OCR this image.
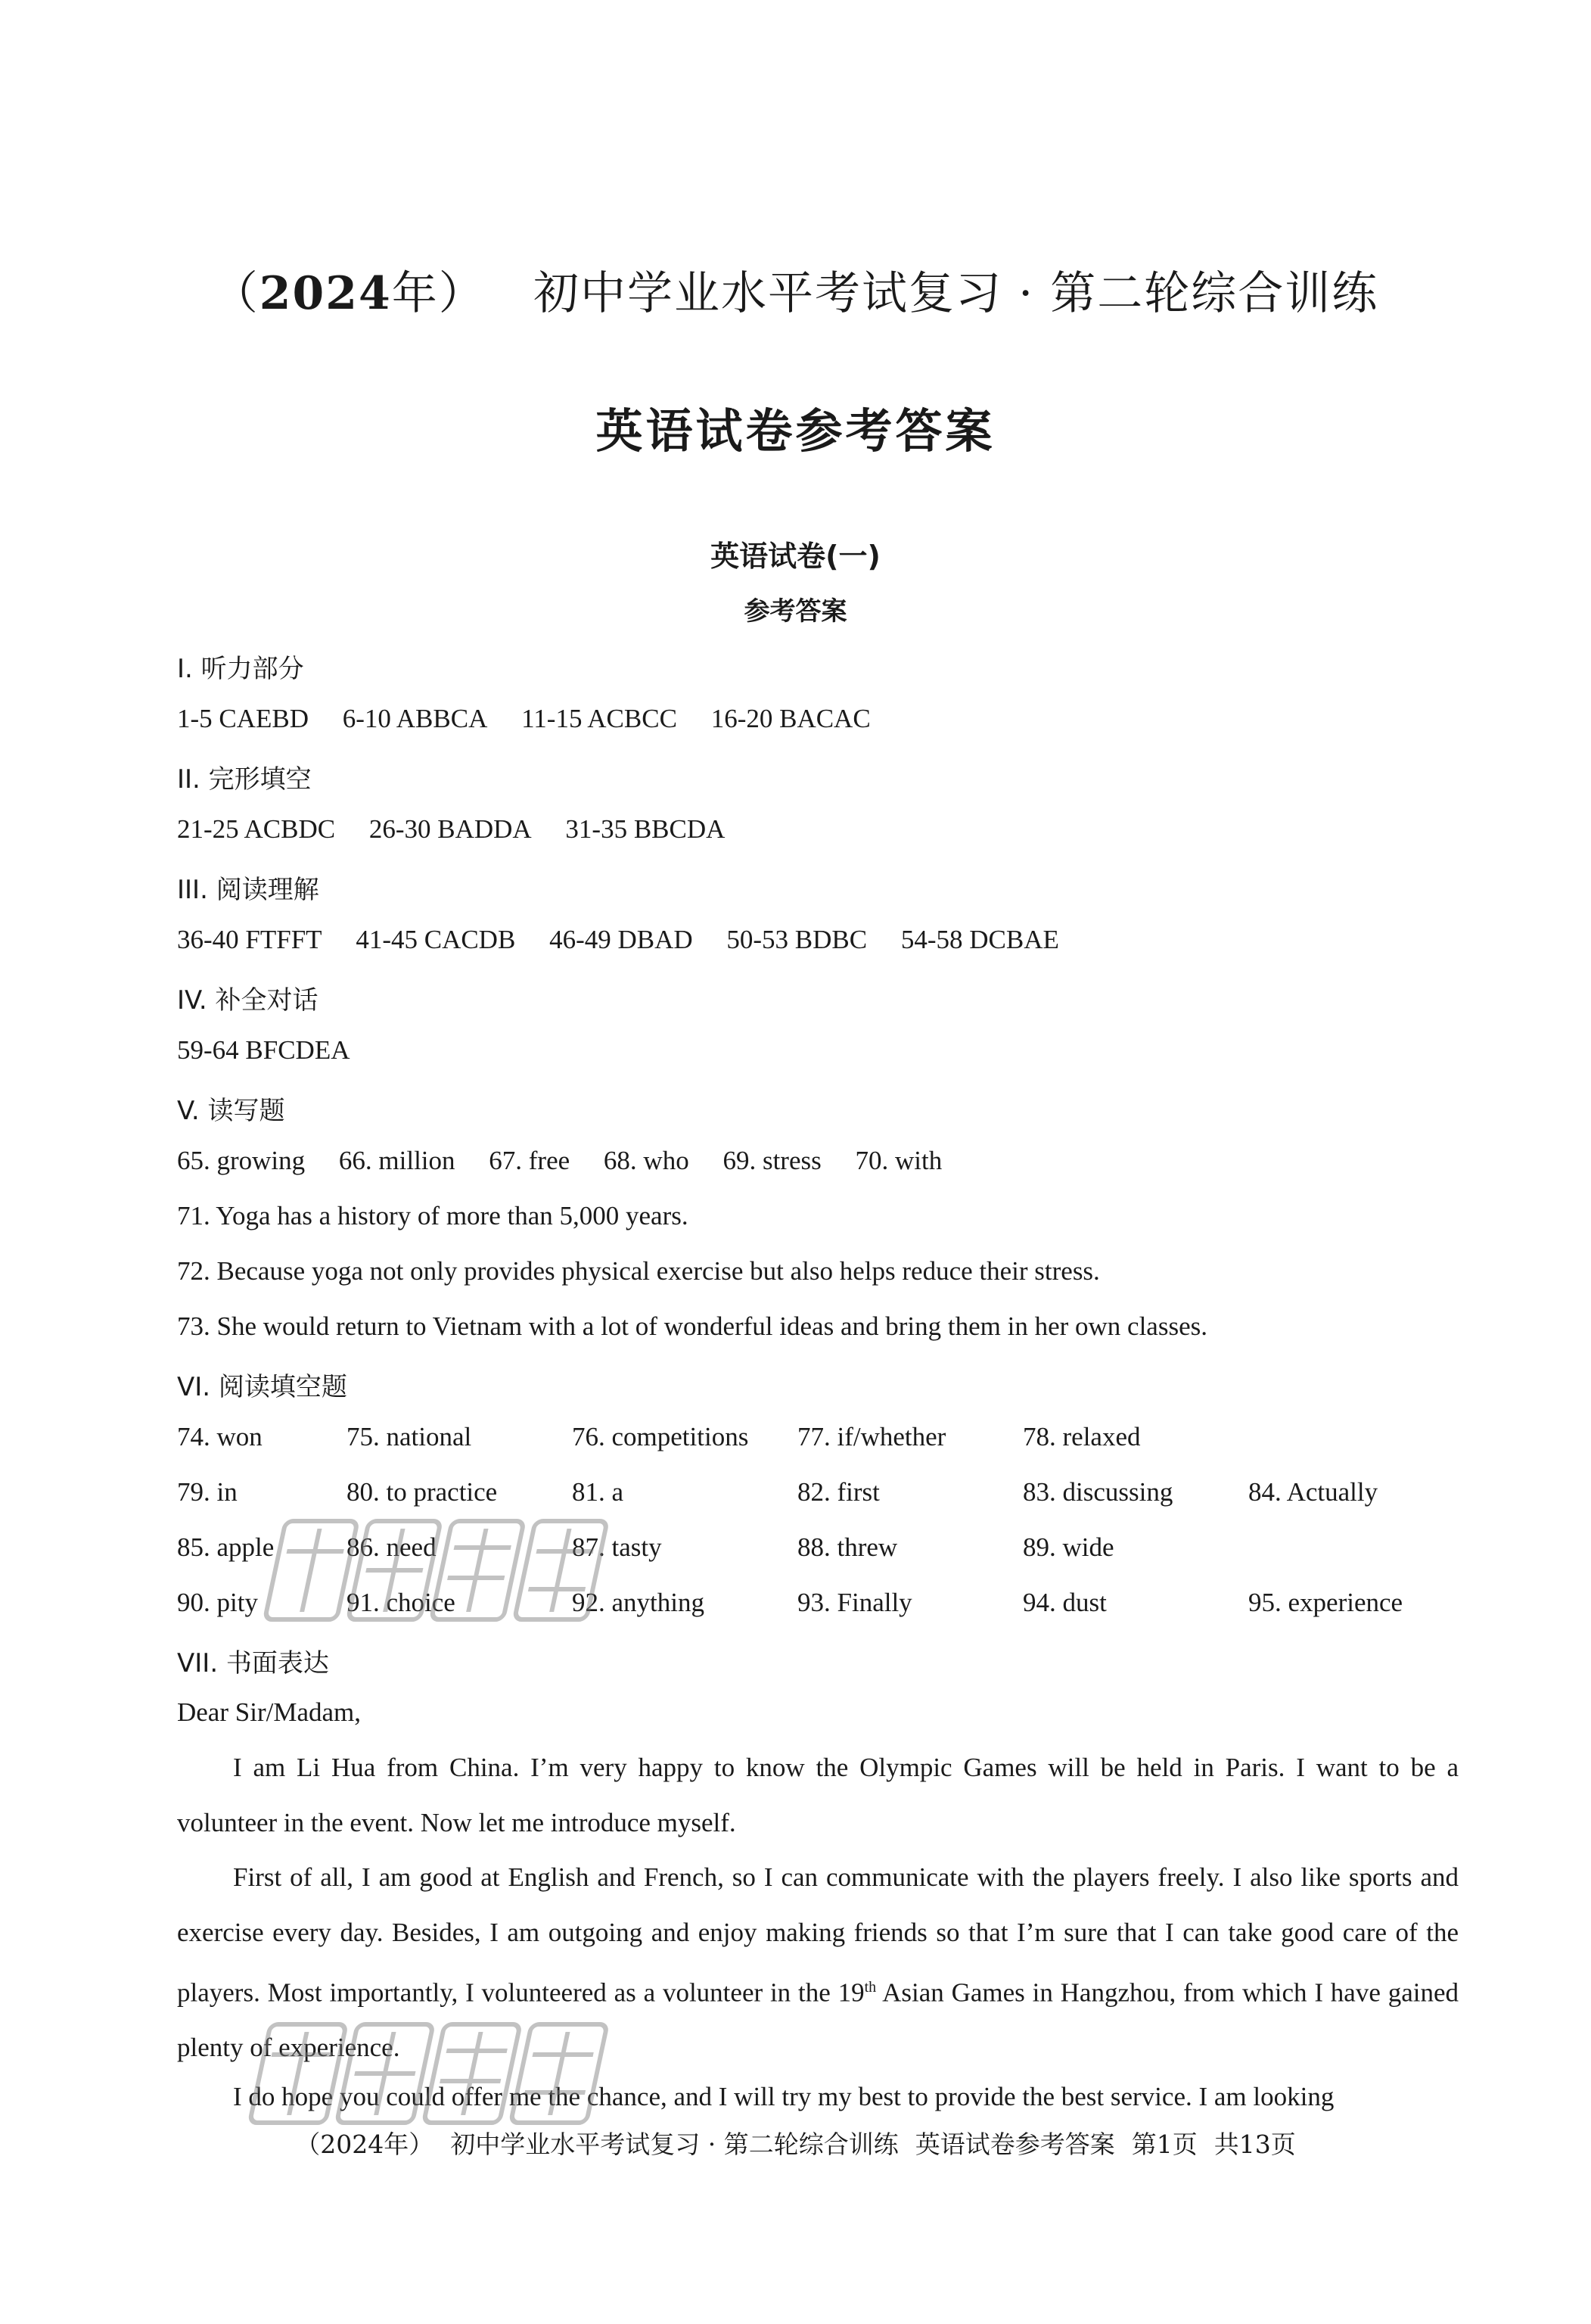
（2024年） 初中学业水平考试复习 · 第二轮综合训练
英语试卷参考答案
英语试卷(一)
参考答案
I. 听力部分
1-5 CAEBD 6-10 ABBCA 11-15 ACBCC 16-20 BACAC
II. 完形填空
21-25 ACBDC 26-30 BADDA 31-35 BBCDA
III. 阅读理解
36-40 FTFFT 41-45 CACDB 46-49 DBAD 50-53 BDBC 54-58 DCBAE
IV. 补全对话
59-64 BFCDEA
V. 读写题
65. growing 66. million 67. free 68. who 69. stress 70. with
71. Yoga has a history of more than 5,000 years.
72. Because yoga not only provides physical exercise but also helps reduce their stress.
73. She would return to Vietnam with a lot of wonderful ideas and bring them in her own classes.
VI. 阅读填空题
74. won	75. national	76. competitions 77. if/whether	78. relaxed
79. in	80. to practice	81. a	82. first	83. discussing	84. Actually
85. apple	86. need	87. tasty	88. threw	89. wide
90. pity	91. choice	92. anything	93. Finally	94. dust	95. experience
VII. 书面表达
Dear Sir/Madam,
I am Li Hua from China. I’m very happy to know the Olympic Games will be held in Paris. I want to be a volunteer in the event. Now let me introduce myself.
First of all, I am good at English and French, so I can communicate with the players freely. I also like sports and exercise every day. Besides, I am outgoing and enjoy making friends so that I’m sure that I can take good care of the players. Most importantly, I volunteered as a volunteer in the 19th Asian Games in Hangzhou, from which I have gained plenty of experience.
I do hope you could offer me the chance, and I will try my best to provide the best service. I am looking
（2024年） 初中学业水平考试复习 · 第二轮综合训练 英语试卷参考答案 第1页 共13页
